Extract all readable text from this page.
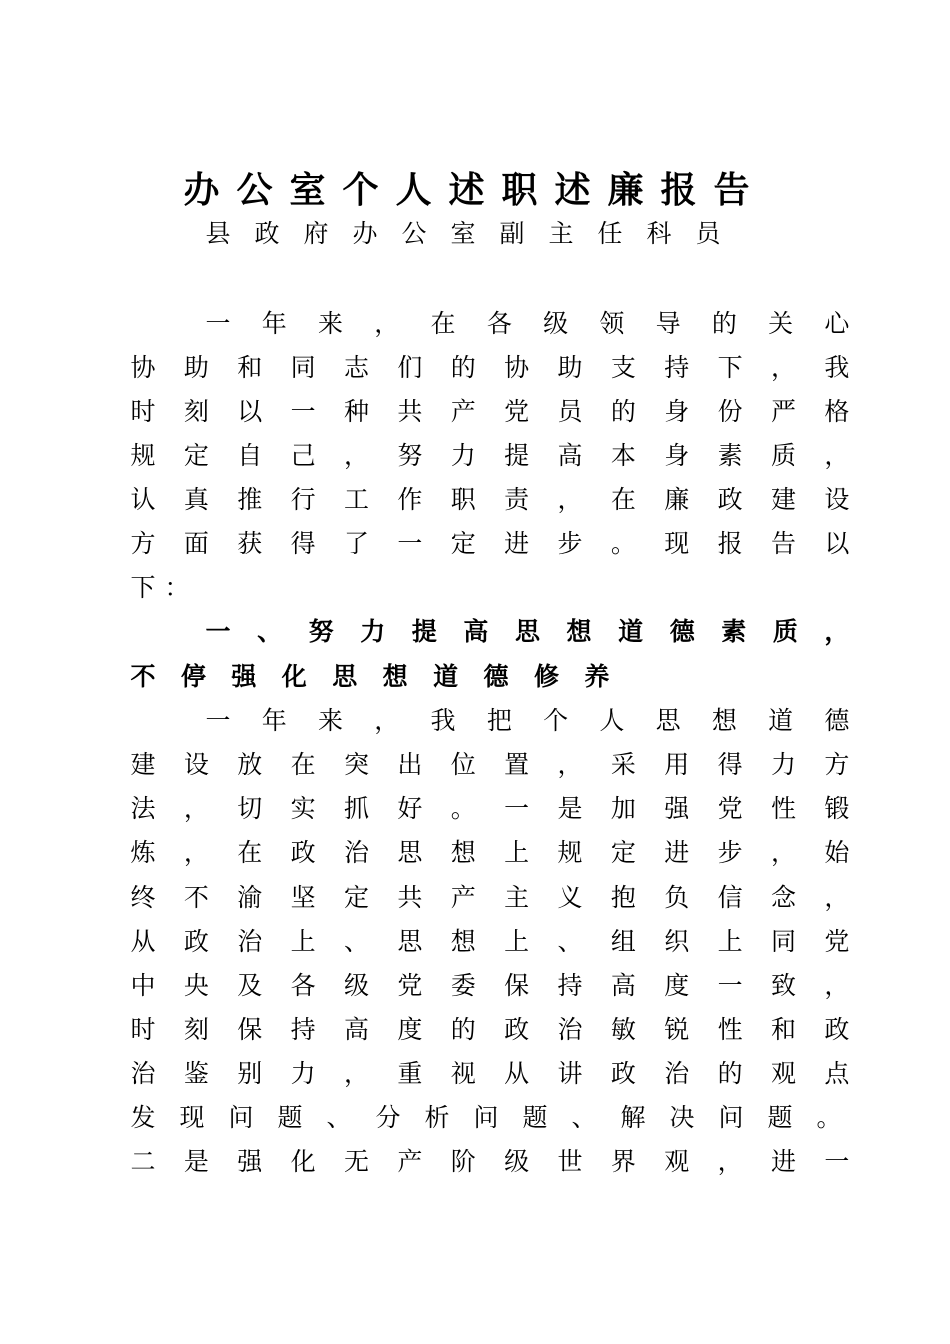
办公室个人述职述廉报告
县政府办公室副主任科员
一 年 来 ， 在 各 级 领 导 的 关 心
协 助 和 同 志 们 的 协 助 支 持 下 ， 我
时 刻 以 一 种 共 产 党 员 的 身 份 严 格
规 定 自 己 ， 努 力 提 高 本 身 素 质 ，
认 真 推 行 工 作 职 责 ， 在 廉 政 建 设
方 面 获 得 了 一 定 进 步 。 现 报 告 以
下 ：
一 、 努 力 提 高 思 想 道 德 素 质 ，
不 停 强 化 思 想 道 德 修 养
一 年 来 ， 我 把 个 人 思 想 道 德
建 设 放 在 突 出 位 置 ， 采 用 得 力 方
法 ， 切 实 抓 好 。 一 是 加 强 党 性 锻
炼 ， 在 政 治 思 想 上 规 定 进 步 ， 始
终 不 渝 坚 定 共 产 主 义 抱 负 信 念 ，
从 政 治 上 、 思 想 上 、 组 织 上 同 党
中 央 及 各 级 党 委 保 持 高 度 一 致 ，
时 刻 保 持 高 度 的 政 治 敏 锐 性 和 政
治 鉴 别 力 ， 重 视 从 讲 政 治 的 观 点
发 现 问 题 、 分 析 问 题 、 解 决 问 题 。
二 是 强 化 无 产 阶 级 世 界 观 ， 进 一
